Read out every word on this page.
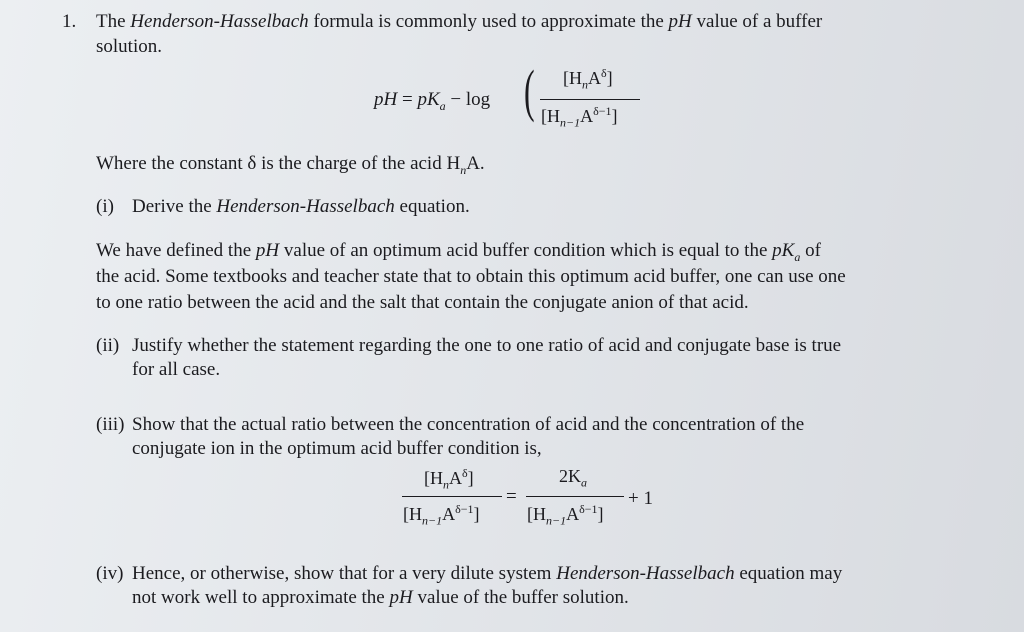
1. The Henderson-Hasselbach formula is commonly used to approximate the pH value of a buffer
solution.
pH = $pK_a - \log$ ( $[H_nA^\delta]$
$[H_{n-1}A^{\delta-1}]$
Where the constant δ is the charge of the acid $H_nA$.
(i) Derive the Henderson-Hasselbach equation.
We have defined the pH value of an optimum acid buffer condition which is equal to the $pK_a$ of
the acid. Some textbooks and teacher state that to obtain this optimum acid buffer, one can use one
to one ratio between the acid and the salt that contain the conjugate anion of that acid.
(ii) Justify whether the statement regarding the one to one ratio of acid and conjugate base is true
for all case.
(iii) Show that the actual ratio between the concentration of acid and the concentration of the
conjugate ion in the optimum acid buffer condition is,
$[H_nA^\delta]$
$[H_{n-1}A^{\delta-1}]$
=
$2K_a$
$[H_{n-1}A^{\delta-1}]$
+ 1
(iv) Hence, or otherwise, show that for a very dilute system Henderson-Hasselbach equation may
not work well to approximate the pH value of the buffer solution.
